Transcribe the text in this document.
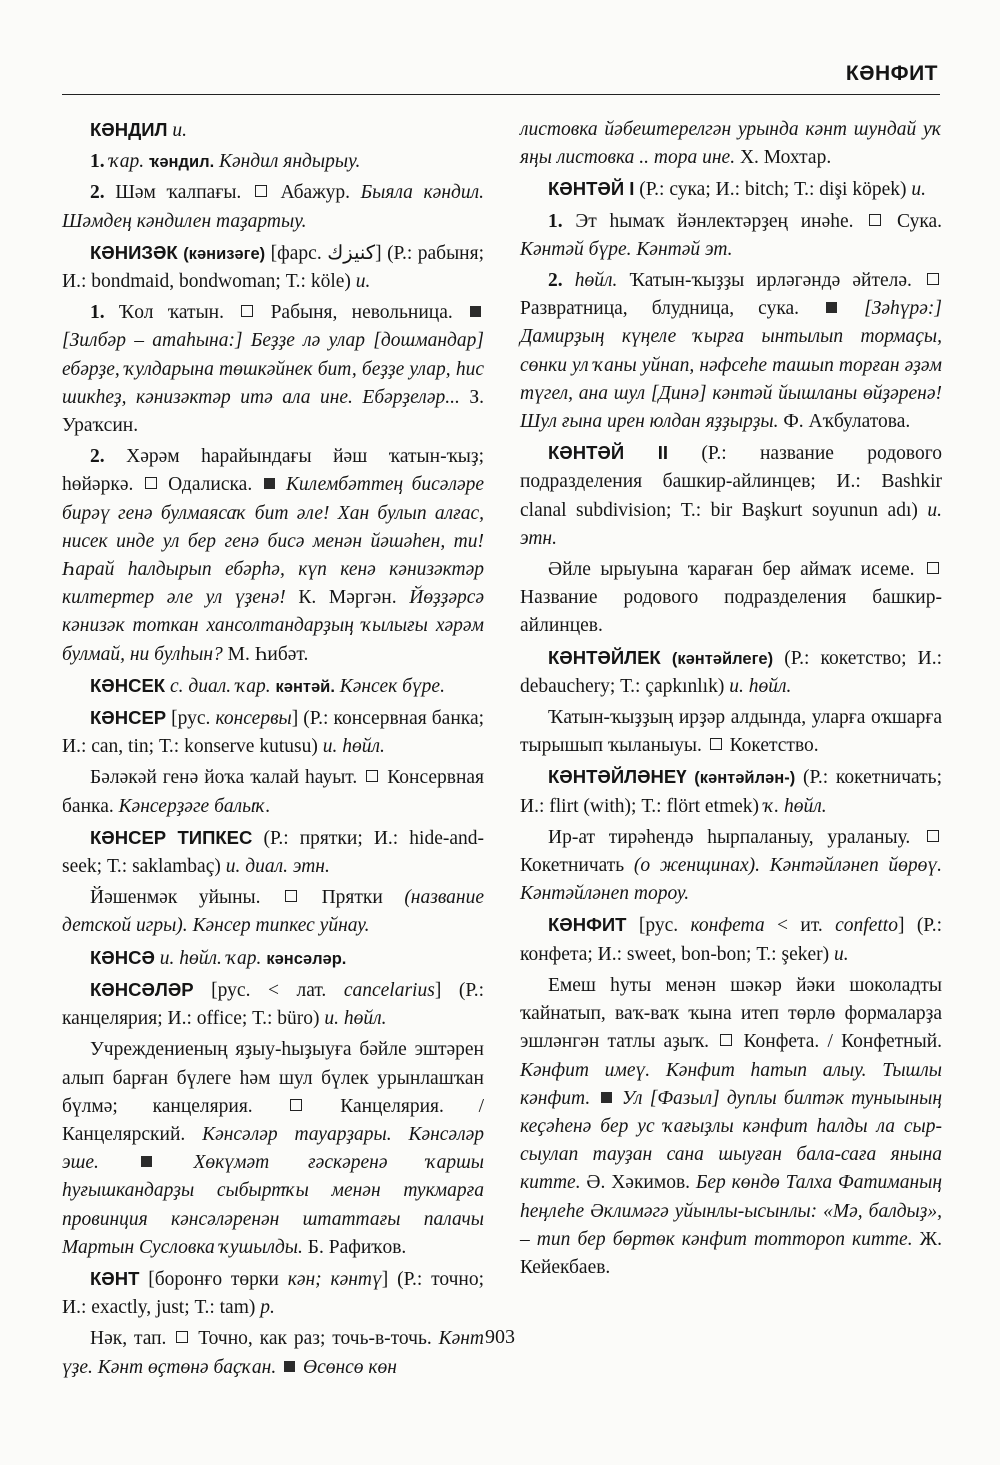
КӘНФИТ

КӘНДИЛ и.

1. ҡар. ҡәндил. Кәндил яндырыу.

2. Шәм ҡалпағы. Абажур. Быяла кәндил. Шәмдең кәндилен таҙартыу.

КӘНИЗӘК (кәнизәге) [фарс. كنيزك] (Р.: рабыня; И.: bondmaid, bondwoman; Т.: köle) и.

1. Ҡол ҡатын. Рабыня, невольница.  [Зилбәр – атаһына:] Беҙҙе лә улар [дошмандар] ебәрҙе, ҡулдарына төшкәйнек бит, беҙҙе улар, һис шикһеҙ, кәнизәктәр итә ала ине. Ебәрҙеләр... З. Ураҡсин.

2. Хәрәм һарайындағы йәш ҡатын-ҡыҙ; һөйәркә. Одалиска. Килембәттең бисәләре бирәү генә булмаясаҡ бит әле! Хан булып алғас, нисек инде ул бер генә бисә менән йәшәһен, ти! Һарай һалдырып ебәрһә, күп кенә кәнизәктәр килтертер әле ул үҙенә! К. Мәргән. Йөҙҙәрсә кәнизәк тоткан хансолтандарҙың ҡылығы хәрәм булмай, ни булһын? М. Һибәт.

КӘНСЕК с. диал. ҡар. кәнтәй. Кәнсек бүре.

КӘНСЕР [рус. консервы] (Р.: консервная банка; И.: can, tin; Т.: konserve kutusu) и. һөйл.

Бәләкәй генә йоҡа ҡалай һауыт. Консервная банка. Кәнсерҙәге балыҡ.

КӘНСЕР ТИПКЕС (Р.: прятки; И.: hide-and-seek; Т.: saklambaç) и. диал. этн.

Йәшенмәк уйыны.	Прятки (название детской игры). Кәнсер типкес уйнау.

КӘНСӘ и. һөйл. ҡар. кәнсәләр.

КӘНСӘЛӘР [рус. < лат. cancelarius] (Р.: канцелярия; И.: office; Т.: büro) и. һөйл.

Учреждениеның яҙыу-һыҙыуға бәйле эштәрен алып барған бүлеге һәм шул бүлек урынлашҡан бүлмә; канцелярия.	Канцелярия. / Канцелярский. Кәнсәләр тауарҙары. Кәнсәләр эше.	Хөкүмәт ғәскәренә ҡаршы һуғышкандарҙы сыбыртҡы менән тукмарға провинция кәнсәләренән штаттағы палачы Мартын Сусловка ҡушылды. Б. Рафиҡов.

КӘНТ [боронғо төрки кән; кәнтү] (Р.: точно; И.: exactly, just; Т.: tam) р.

Нәк, тап. Точно, как раз; точь-в-точь. Кәнт үҙе. Кәнт өҫтөнә баҫҡан. Өсөнсө көн

листовка йәбештерелгән урында кәнт шундай уҡ яңы листовка .. тора ине. Х. Мохтар.

КӘНТӘЙ I (Р.: сука; И.: bitch; Т.: dişi köpek) и.

1. Эт һымаҡ йәнлектәрҙең инәһе. Сука. Кәнтәй бүре. Кәнтәй эт.

2. һөйл. Ҡатын-ҡыҙҙы ирләгәндә әйтелә.  Развратница, блудница, сука.	[Зәһүрә:] Дамирҙың күңеле ҡырға ынтылып тормаҫы, сөнки ул ҡаны уйнап, нәфсеһе ташып торған әҙәм түгел, ана шул [Динә] кәнтәй йышланы өйҙәренә! Шул ғына ирен юлдан яҙҙырҙы. Ф. Аҡбулатова.

КӘНТӘЙ II (Р.: название родового подразделения башкир-айлинцев; И.: Bashkir clanal subdivision; Т.: bir Başkurt soyunun adı) и. этн.

Әйле ырыуына ҡараған бер аймаҡ исеме.  Название родового подразделения башкир-айлинцев.

КӘНТӘЙЛЕК (кәнтәйлеге) (Р.: кокетство; И.: debauchery; Т.: çapkınlık) и. һөйл.

Ҡатын-ҡыҙҙың ирҙәр алдында, уларға оҡшарға тырышып ҡыланыуы. Кокетство.

КӘНТӘЙЛӘНЕҮ (кәнтәйлән-) (Р.: кокетничать; И.: flirt (with); Т.: flört etmek) ҡ. һөйл.

Ир-ат тирәһендә һырпаланыу, ураланыу.  Кокетничать (о женщинах). Кәнтәйләнеп йөрөү. Кәнтәйләнеп тороу.

КӘНФИТ [рус. конфета < ит. confetto] (Р.: конфета; И.: sweet, bon-bon; Т.: şeker) и.

Емеш һуты менән шәкәр йәки шоколадты ҡайнатып, ваҡ-ваҡ ҡына итеп төрлө формаларҙа эшләнгән татлы аҙыҡ. Конфета. / Конфетный. Кәнфит имеү. Кәнфит һатып алыу. Тышлы кәнфит. Ул [Фазыл] дуплы билтәк туныының кеҫәһенә бер ус ҡағыҙлы кәнфит һалды ла сыр-сыулап тауҙан сана шыуған бала-саға янына китте. Ә. Хәкимов. Бер көндө Талха Фатиманың һеңлеһе Әклимәгә уйынлы-ысынлы: «Мә, балдыҙ», – тип бер бөртөк кәнфит тоттороп китте. Ж. Кейекбаев.

903
